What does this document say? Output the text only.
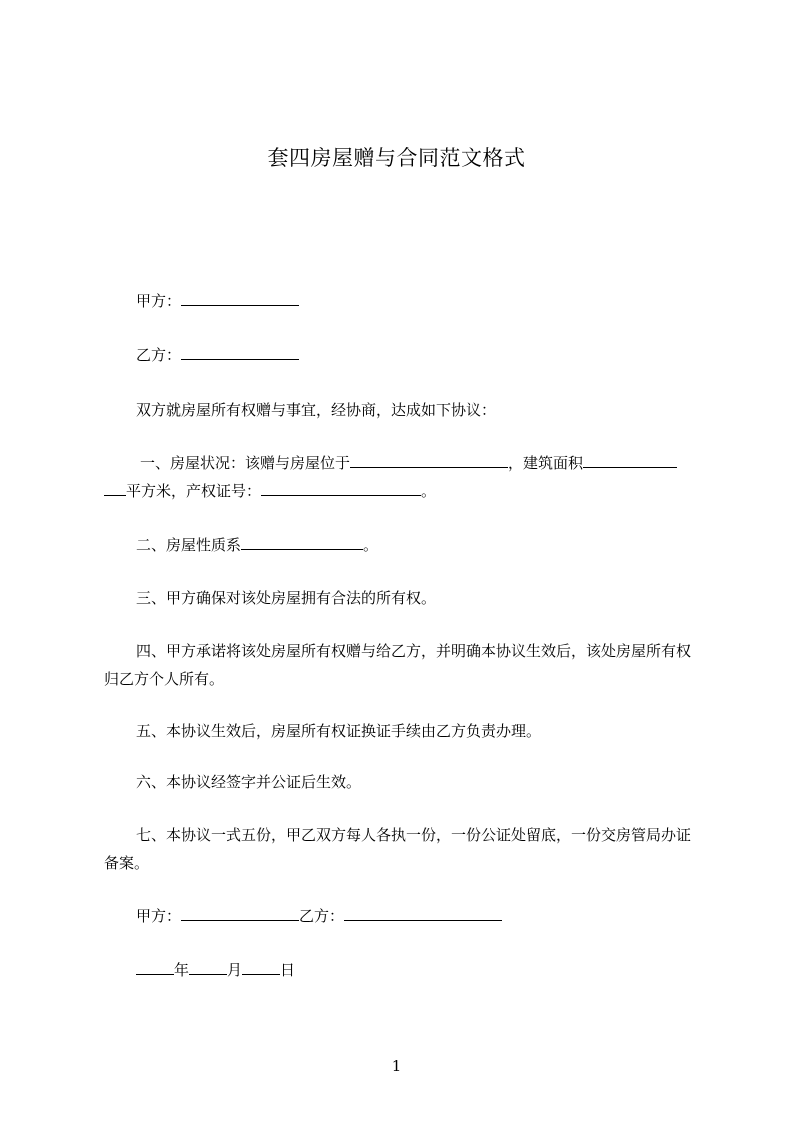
套四房屋赠与合同范文格式
甲方：
乙方：
双方就房屋所有权赠与事宜，经协商，达成如下协议：
一、房屋状况：该赠与房屋位于	，建筑面积
平方米，产权证号：	。
二、房屋性质系	。
三、甲方确保对该处房屋拥有合法的所有权。
四、甲方承诺将该处房屋所有权赠与给乙方，并明确本协议生效后，该处房屋所有权归乙方个人所有。
五、本协议生效后，房屋所有权证换证手续由乙方负责办理。
六、本协议经签字并公证后生效。
七、本协议一式五份，甲乙双方每人各执一份，一份公证处留底，一份交房管局办证备案。
甲方：	乙方：
年	月	日
1
